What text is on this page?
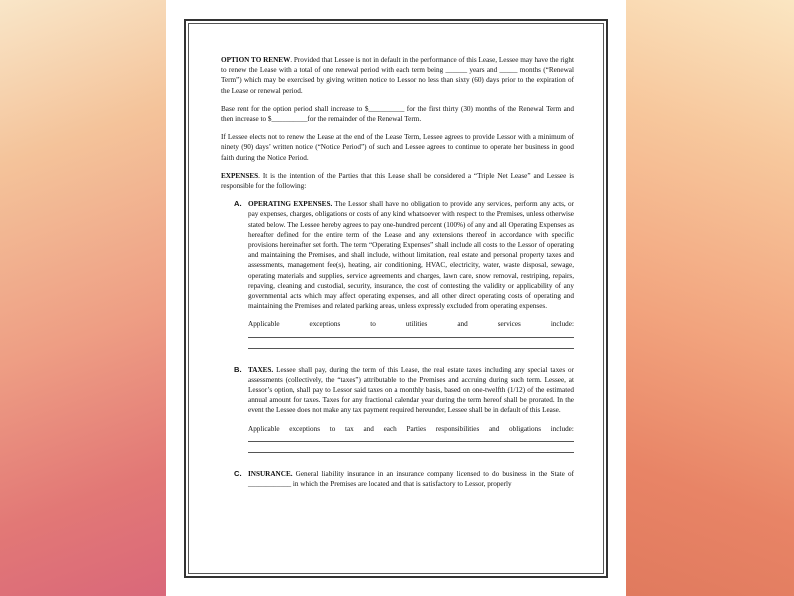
OPTION TO RENEW. Provided that Lessee is not in default in the performance of this Lease, Lessee may have the right to renew the Lease with a total of one renewal period with each term being ______ years and _____ months (“Renewal Term”) which may be exercised by giving written notice to Lessor no less than sixty (60) days prior to the expiration of the Lease or renewal period.

Base rent for the option period shall increase to $__________ for the first thirty (30) months of the Renewal Term and then increase to $__________for the remainder of the Renewal Term.

If Lessee elects not to renew the Lease at the end of the Lease Term, Lessee agrees to provide Lessor with a minimum of ninety (90) days’ written notice (“Notice Period”) of such and Lessee agrees to continue to operate her business in good faith during the Notice Period.

EXPENSES. It is the intention of the Parties that this Lease shall be considered a “Triple Net Lease” and Lessee is responsible for the following:

A. OPERATING EXPENSES. The Lessor shall have no obligation to provide any services, perform any acts, or pay expenses, charges, obligations or costs of any kind whatsoever with respect to the Premises, unless otherwise stated below. The Lessee hereby agrees to pay one-hundred percent (100%) of any and all Operating Expenses as hereafter defined for the entire term of the Lease and any extensions thereof in accordance with specific provisions hereinafter set forth. The term “Operating Expenses” shall include all costs to the Lessor of operating and maintaining the Premises, and shall include, without limitation, real estate and personal property taxes and assessments, management fee(s), heating, air conditioning, HVAC, electricity, water, waste disposal, sewage, operating materials and supplies, service agreements and charges, lawn care, snow removal, restriping, repairs, repaving, cleaning and custodial, security, insurance, the cost of contesting the validity or applicability of any governmental acts which may affect operating expenses, and all other direct operating costs of operating and maintaining the Premises and related parking areas, unless expressly excluded from operating expenses.
Applicable	exceptions	to	utilities	and	services	include:
B. TAXES. Lessee shall pay, during the term of this Lease, the real estate taxes including any special taxes or assessments (collectively, the “taxes”) attributable to the Premises and accruing during such term. Lessee, at Lessor’s option, shall pay to Lessor said taxes on a monthly basis, based on one-twelfth (1/12) of the estimated annual amount for taxes. Taxes for any fractional calendar year during the term hereof shall be prorated. In the event the Lessee does not make any tax payment required hereunder, Lessee shall be in default of this Lease.
Applicable exceptions to tax and each Parties responsibilities and obligations include:
C. INSURANCE. General liability insurance in an insurance company licensed to do business in the State of ____________ in which the Premises are located and that is satisfactory to Lessor, properly
